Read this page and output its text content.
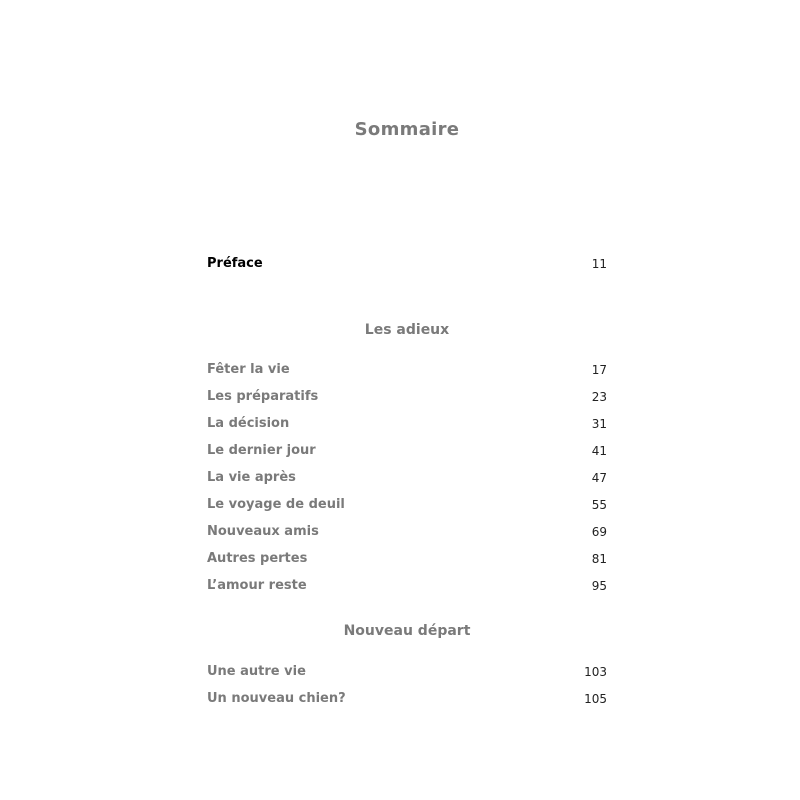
Sommaire
Préface	11
Les adieux
Fêter la vie	17
Les préparatifs	23
La décision	31
Le dernier jour	41
La vie après	47
Le voyage de deuil	55
Nouveaux amis	69
Autres pertes	81
L’amour reste	95
Nouveau départ
Une autre vie	103
Un nouveau chien?	105
